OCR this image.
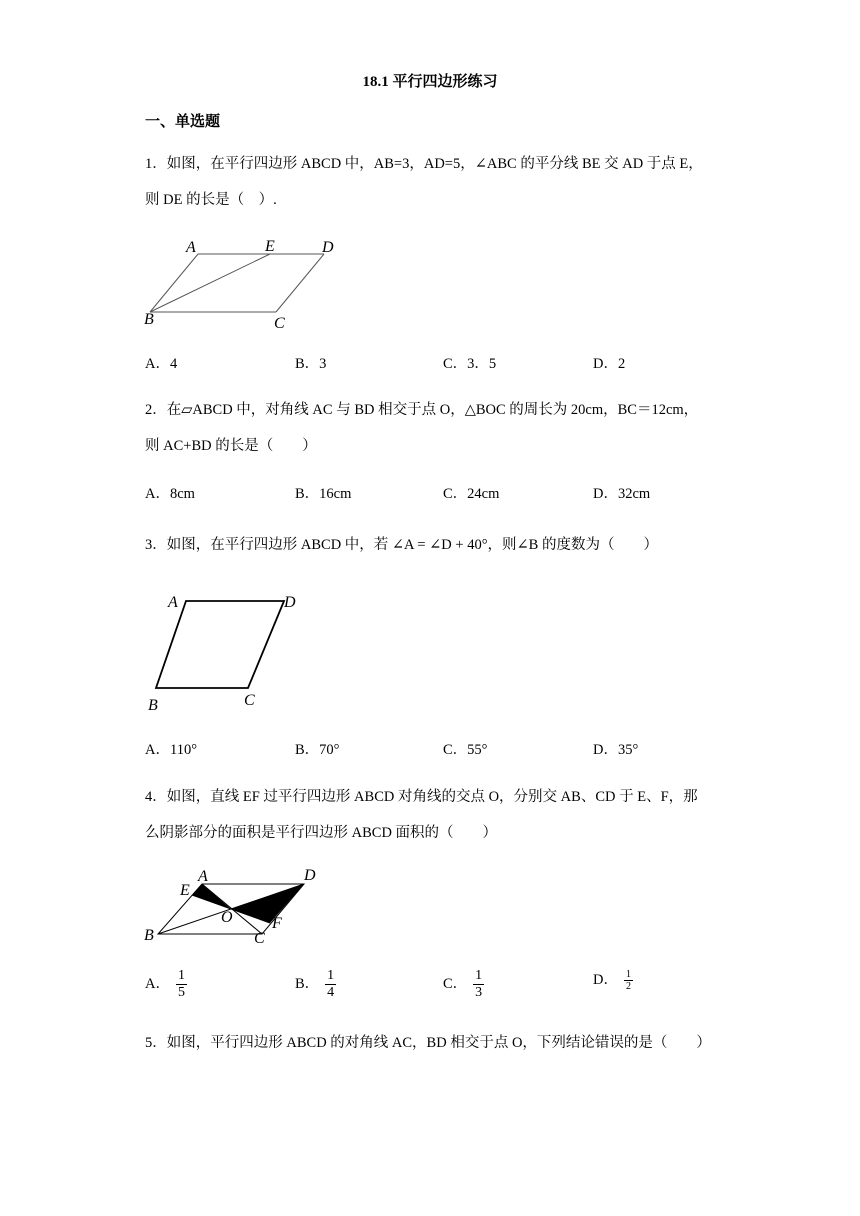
18.1 平行四边形练习
一、单选题
1．如图，在平行四边形 ABCD 中，AB=3，AD=5，∠ABC 的平分线 BE 交 AD 于点 E，
则 DE 的长是（　）.
A	E	D
B	C
A．4	B．3	C．3．5	D．2
2．在▱ABCD 中，对角线 AC 与 BD 相交于点 O，△BOC 的周长为 20cm，BC＝12cm，
则 AC+BD 的长是（　　）
A．8cm	B．16cm	C．24cm	D．32cm
3．如图，在平行四边形 ABCD 中，若 ∠A = ∠D + 40°，则∠B 的度数为（　　）
A	D
B	C
A．110°	B．70°	C．55°	D．35°
4．如图，直线 EF 过平行四边形 ABCD 对角线的交点 O，分别交 AB、CD 于 E、F，那
么阴影部分的面积是平行四边形 ABCD 面积的（　　）
A	D
E
O F
B	C
A． $\frac{1}{5}$	B． $\frac{1}{4}$	C． $\frac{1}{3}$	D． $\frac{1}{2}$
5．如图，平行四边形 ABCD 的对角线 AC，BD 相交于点 O，下列结论错误的是（　　）
